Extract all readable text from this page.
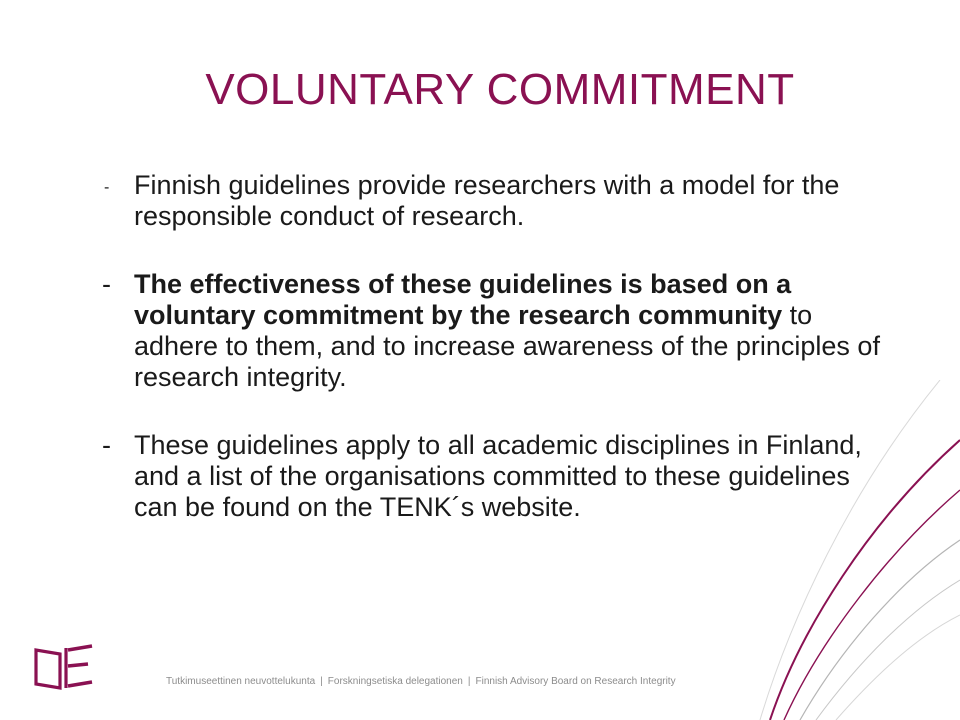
VOLUNTARY COMMITMENT
- Finnish guidelines provide researchers with a model for the responsible conduct of research.
- The effectiveness of these guidelines is based on a voluntary commitment by the research community to adhere to them, and to increase awareness of the principles of research integrity.
- These guidelines apply to all academic disciplines in Finland, and a list of the organisations committed to these guidelines can be found on the TENK´s website.
Tutkimuseettinen neuvottelukunta | Forskningsetiska delegationen | Finnish Advisory Board on Research Integrity
